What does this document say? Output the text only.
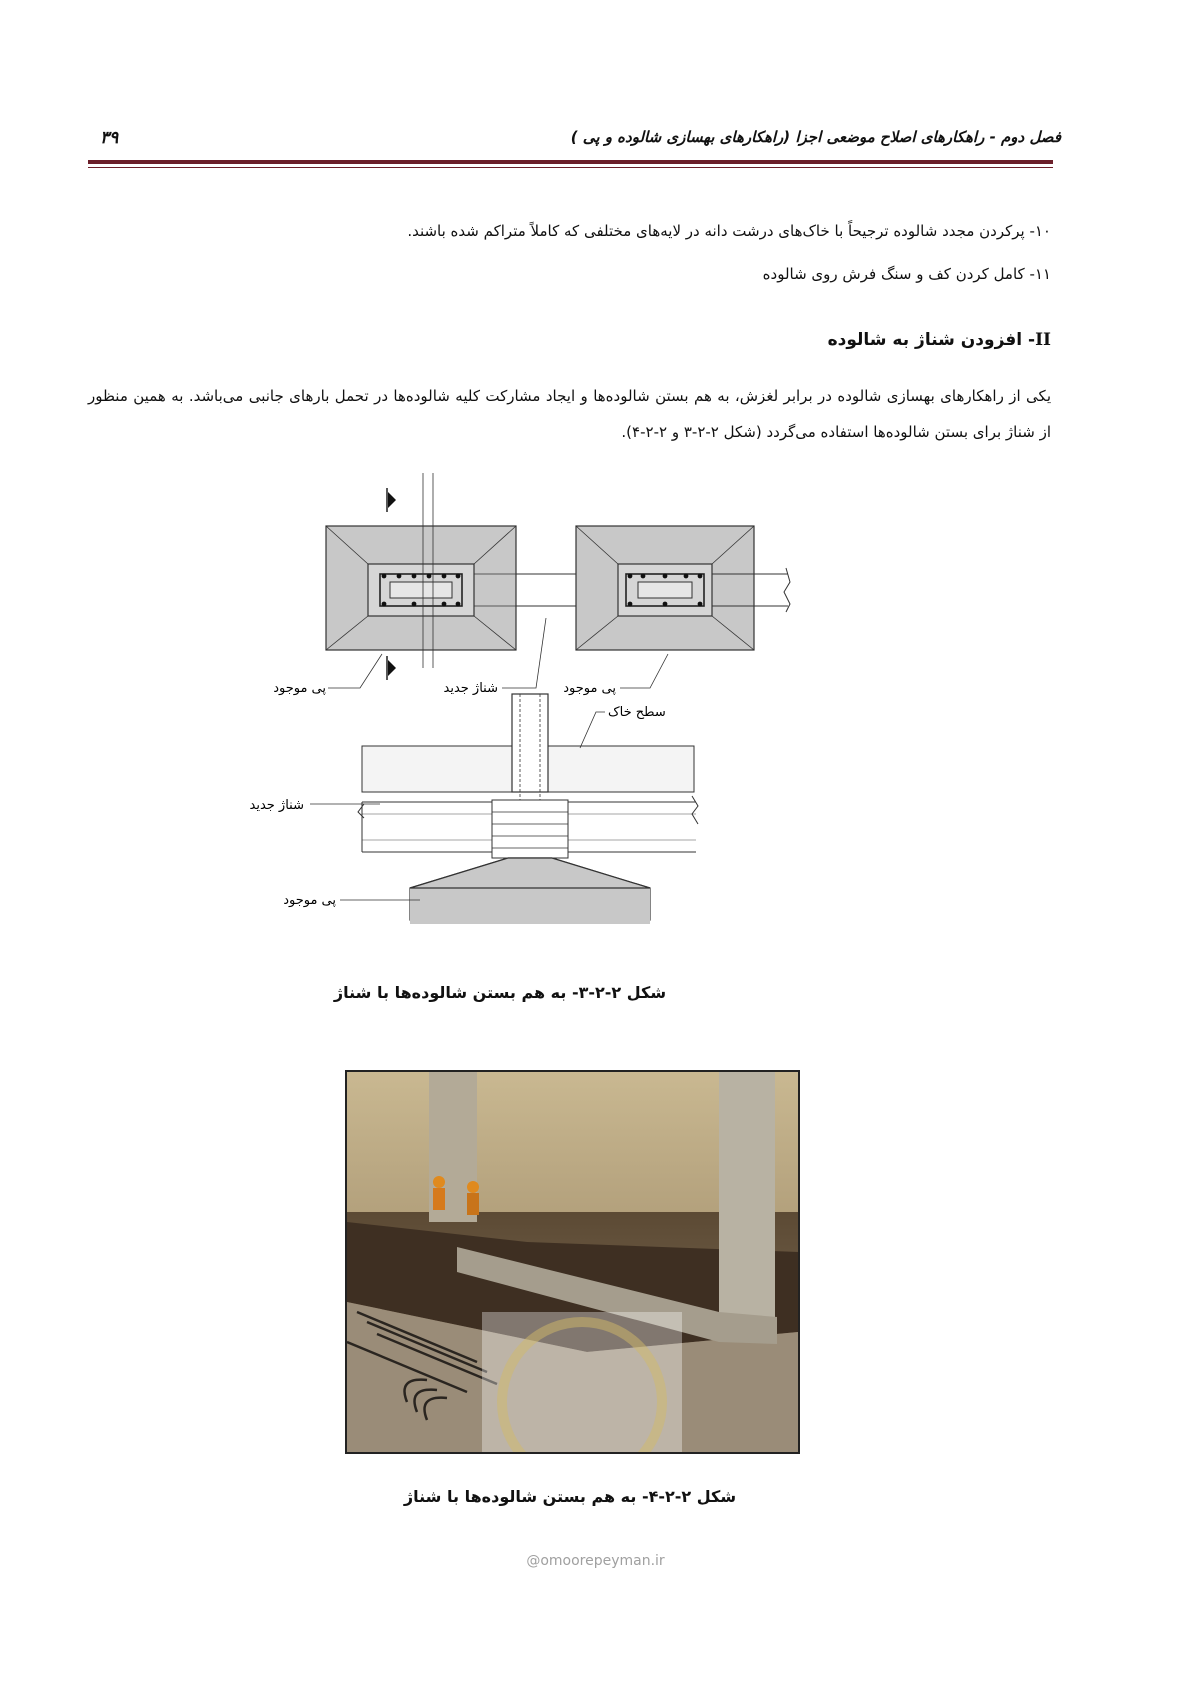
فصل دوم - راهکارهای اصلاح موضعی اجزا (راهکارهای بهسازی شالوده و پی )
۳۹
۱۰- پرکردن مجدد شالوده ترجیحاً با خاک‌های درشت دانه در لایه‌های مختلفی که کاملاً متراکم شده باشند.
۱۱- کامل کردن کف و سنگ فرش روی شالوده
II- افزودن شناژ به شالوده
یکی از راهکارهای بهسازی شالوده در برابر لغزش، به هم بستن شالوده‌ها و ایجاد مشارکت کلیه شالوده‌ها در تحمل بارهای جانبی می‌باشد. به همین منظور از شناژ برای بستن شالوده‌ها استفاده می‌گردد (شکل ۲-۲-۳ و ۲-۲-۴).
پی موجود	شناژ جدید	پی موجود
سطح خاک
شناژ جدید
پی موجود
شکل ۲-۲-۳- به هم بستن شالوده‌ها با شناژ
شکل ۲-۲-۴- به هم بستن شالوده‌ها با شناژ
@omoorepeyman.ir
